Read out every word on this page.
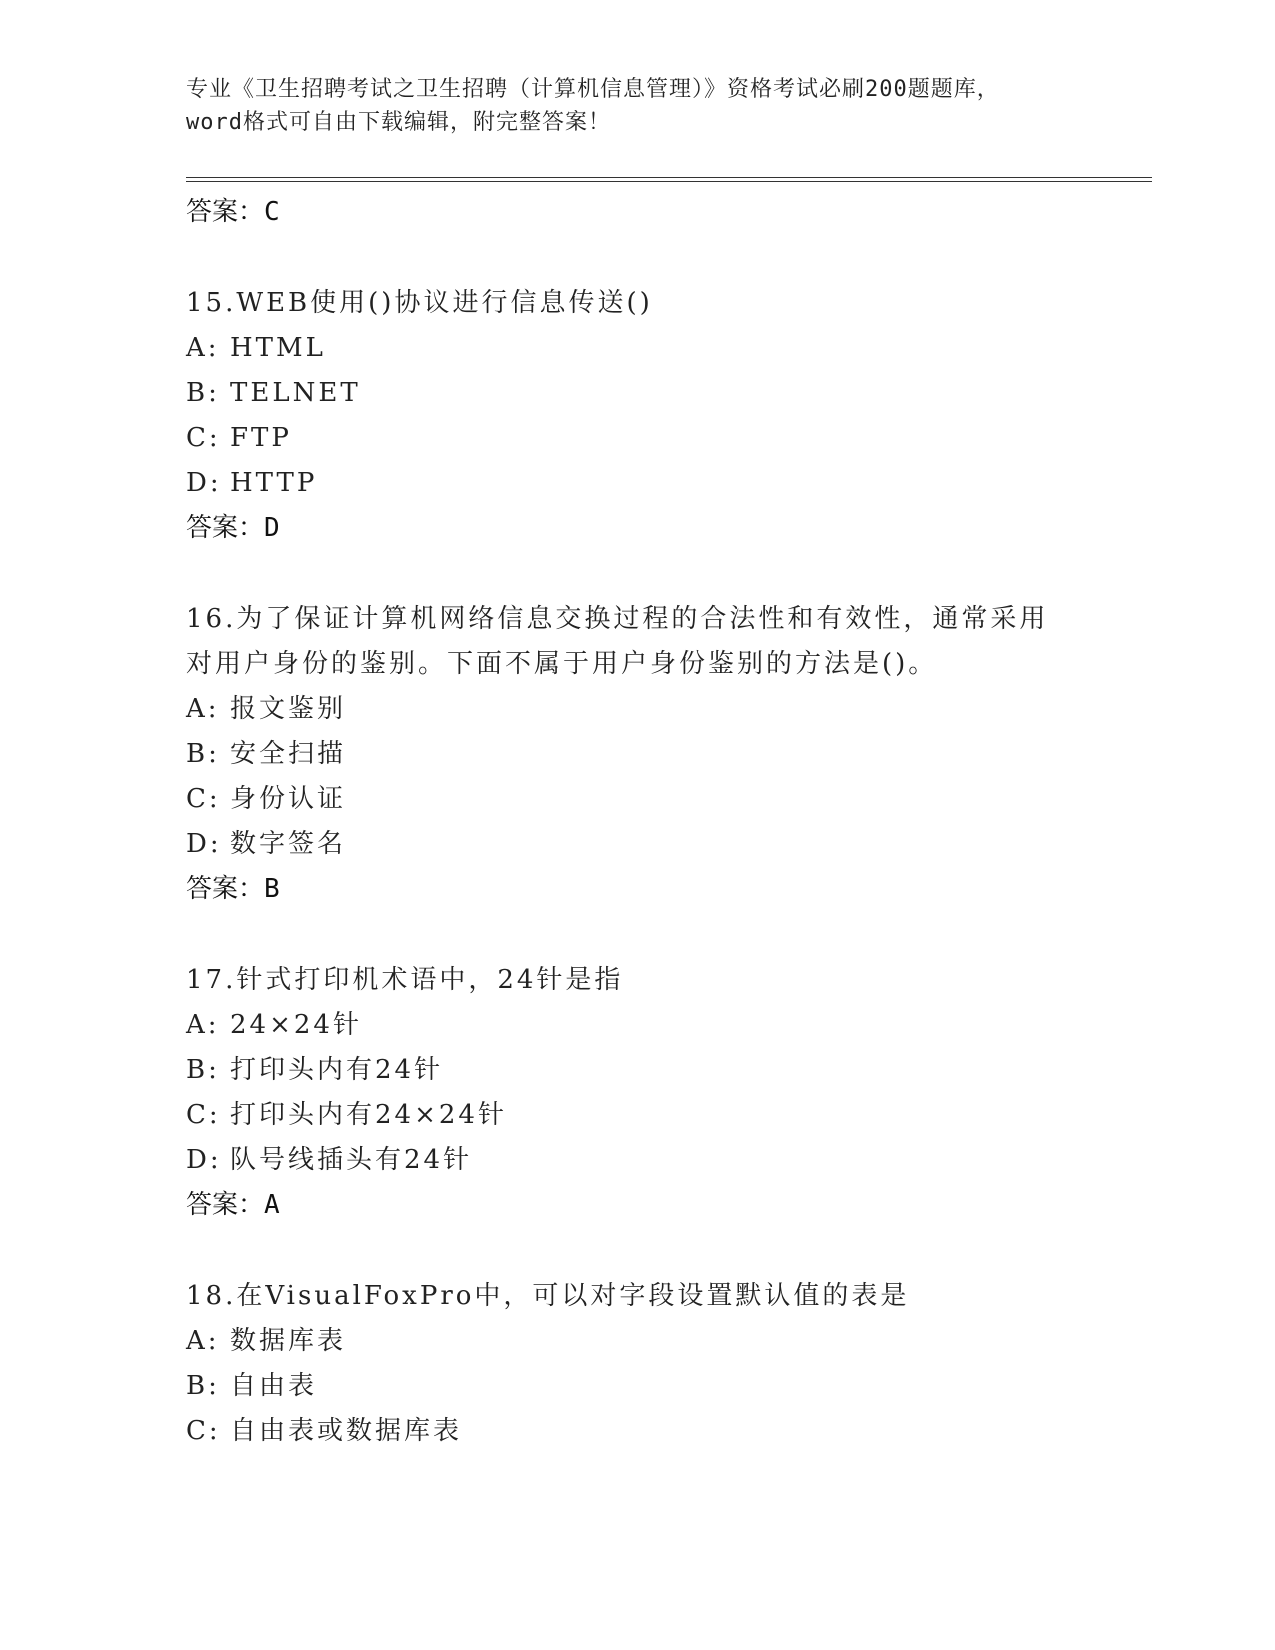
专业《卫生招聘考试之卫生招聘（计算机信息管理）》资格考试必刷200题题库，
word格式可自由下载编辑，附完整答案！
答案：C
15.WEB使用()协议进行信息传送()
A: HTML
B: TELNET
C: FTP
D: HTTP
答案：D
16.为了保证计算机网络信息交换过程的合法性和有效性，通常采用对用户身份的鉴别。下面不属于用户身份鉴别的方法是()。
A: 报文鉴别
B: 安全扫描
C: 身份认证
D: 数字签名
答案：B
17.针式打印机术语中，24针是指
A: 24×24针
B: 打印头内有24针
C: 打印头内有24×24针
D: 队号线插头有24针
答案：A
18.在VisualFoxPro中，可以对字段设置默认值的表是
A: 数据库表
B: 自由表
C: 自由表或数据库表
